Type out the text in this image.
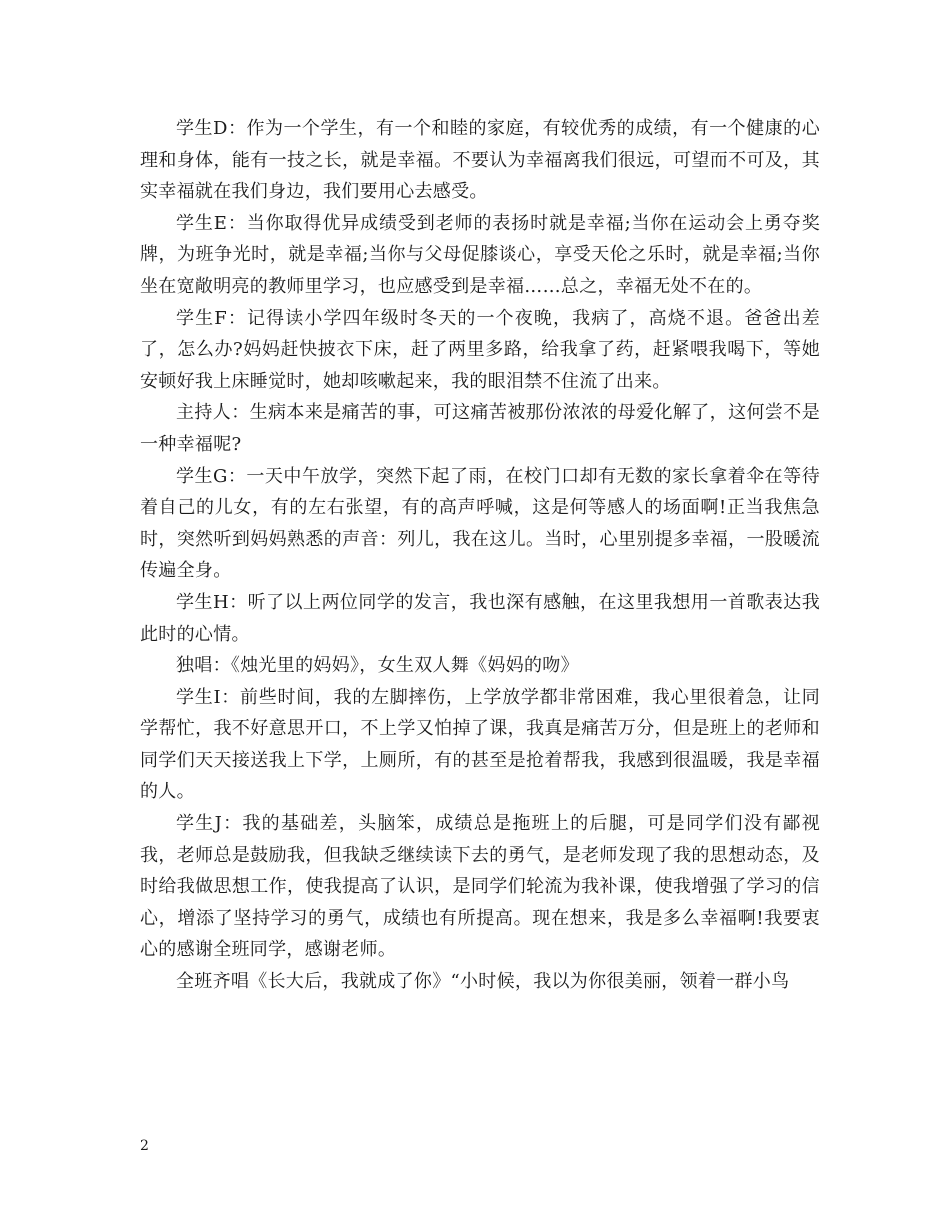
学生D：作为一个学生，有一个和睦的家庭，有较优秀的成绩，有一个健康的心理和身体，能有一技之长，就是幸福。不要认为幸福离我们很远，可望而不可及，其实幸福就在我们身边，我们要用心去感受。

学生E：当你取得优异成绩受到老师的表扬时就是幸福;当你在运动会上勇夺奖牌，为班争光时，就是幸福;当你与父母促膝谈心，享受天伦之乐时，就是幸福;当你坐在宽敞明亮的教师里学习，也应感受到是幸福……总之，幸福无处不在的。

学生F：记得读小学四年级时冬天的一个夜晚，我病了，高烧不退。爸爸出差了，怎么办?妈妈赶快披衣下床，赶了两里多路，给我拿了药，赶紧喂我喝下，等她安顿好我上床睡觉时，她却咳嗽起来，我的眼泪禁不住流了出来。

主持人：生病本来是痛苦的事，可这痛苦被那份浓浓的母爱化解了，这何尝不是一种幸福呢?

学生G：一天中午放学，突然下起了雨，在校门口却有无数的家长拿着伞在等待着自己的儿女，有的左右张望，有的高声呼喊，这是何等感人的场面啊!正当我焦急时，突然听到妈妈熟悉的声音：列儿，我在这儿。当时，心里别提多幸福，一股暖流传遍全身。

学生H：听了以上两位同学的发言，我也深有感触，在这里我想用一首歌表达我此时的心情。

独唱：《烛光里的妈妈》，女生双人舞《妈妈的吻》

学生I：前些时间，我的左脚摔伤，上学放学都非常困难，我心里很着急，让同学帮忙，我不好意思开口，不上学又怕掉了课，我真是痛苦万分，但是班上的老师和同学们天天接送我上下学，上厕所，有的甚至是抢着帮我，我感到很温暖，我是幸福的人。

学生J：我的基础差，头脑笨，成绩总是拖班上的后腿，可是同学们没有鄙视我，老师总是鼓励我，但我缺乏继续读下去的勇气，是老师发现了我的思想动态，及时给我做思想工作，使我提高了认识，是同学们轮流为我补课，使我增强了学习的信心，增添了坚持学习的勇气，成绩也有所提高。现在想来，我是多么幸福啊!我要衷心的感谢全班同学，感谢老师。

全班齐唱《长大后，我就成了你》“小时候，我以为你很美丽，领着一群小鸟

2
